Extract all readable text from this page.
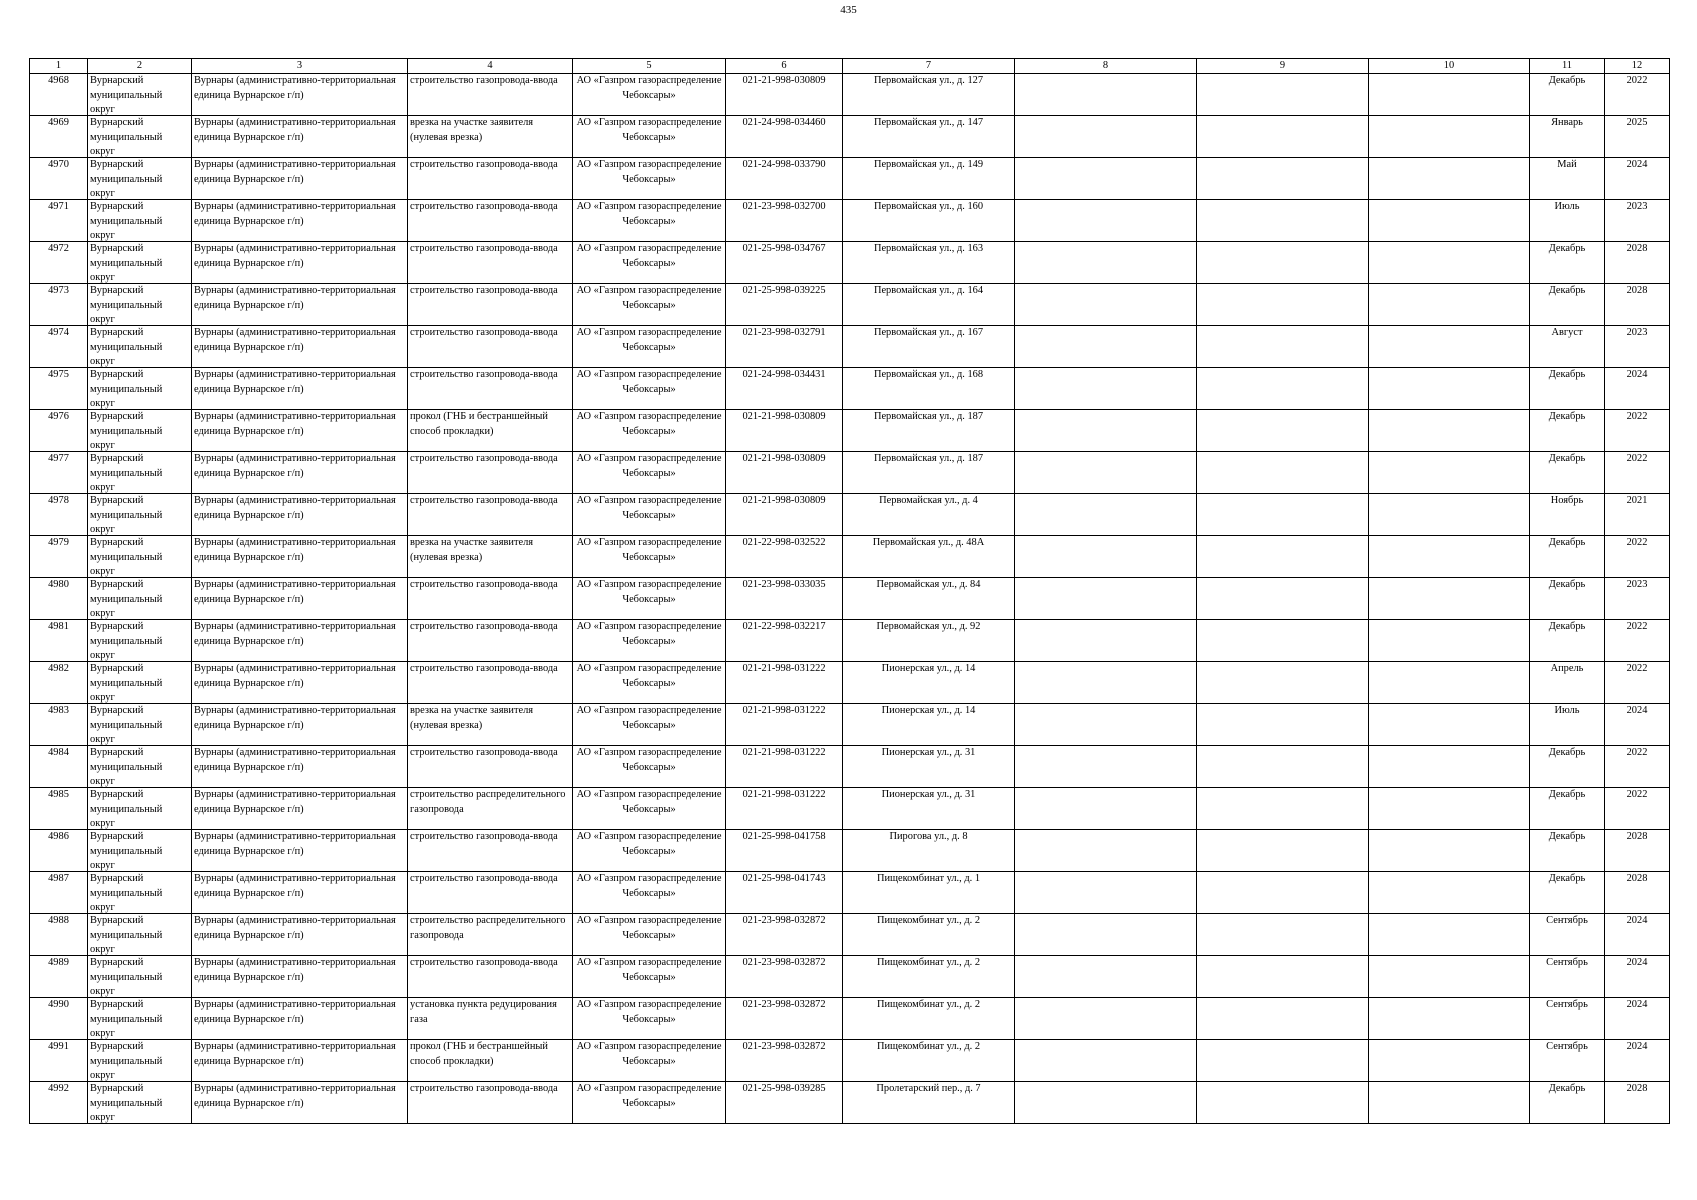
435
1	2	3	4	5	6	7	8	9	10	11	12

4968	Вурнарский муниципальный округ	Вурнары (административно-территориальная единица Вурнарское г/п)	строительство газопровода-ввода	АО «Газпром газораспределение Чебоксары»	021-21-998-030809	Первомайская ул., д. 127				Декабрь	2022

4969	Вурнарский муниципальный округ	Вурнары (административно-территориальная единица Вурнарское г/п)	врезка на участке заявителя (нулевая врезка)	АО «Газпром газораспределение Чебоксары»	021-24-998-034460	Первомайская ул., д. 147				Январь	2025

4970	Вурнарский муниципальный округ	Вурнары (административно-территориальная единица Вурнарское г/п)	строительство газопровода-ввода	АО «Газпром газораспределение Чебоксары»	021-24-998-033790	Первомайская ул., д. 149				Май	2024

4971	Вурнарский муниципальный округ	Вурнары (административно-территориальная единица Вурнарское г/п)	строительство газопровода-ввода	АО «Газпром газораспределение Чебоксары»	021-23-998-032700	Первомайская ул., д. 160				Июль	2023

4972	Вурнарский муниципальный округ	Вурнары (административно-территориальная единица Вурнарское г/п)	строительство газопровода-ввода	АО «Газпром газораспределение Чебоксары»	021-25-998-034767	Первомайская ул., д. 163				Декабрь	2028

4973	Вурнарский муниципальный округ	Вурнары (административно-территориальная единица Вурнарское г/п)	строительство газопровода-ввода	АО «Газпром газораспределение Чебоксары»	021-25-998-039225	Первомайская ул., д. 164				Декабрь	2028

4974	Вурнарский муниципальный округ	Вурнары (административно-территориальная единица Вурнарское г/п)	строительство газопровода-ввода	АО «Газпром газораспределение Чебоксары»	021-23-998-032791	Первомайская ул., д. 167				Август	2023

4975	Вурнарский муниципальный округ	Вурнары (административно-территориальная единица Вурнарское г/п)	строительство газопровода-ввода	АО «Газпром газораспределение Чебоксары»	021-24-998-034431	Первомайская ул., д. 168				Декабрь	2024

4976	Вурнарский муниципальный округ	Вурнары (административно-территориальная единица Вурнарское г/п)	прокол (ГНБ и бестраншейный способ прокладки)	АО «Газпром газораспределение Чебоксары»	021-21-998-030809	Первомайская ул., д. 187				Декабрь	2022

4977	Вурнарский муниципальный округ	Вурнары (административно-территориальная единица Вурнарское г/п)	строительство газопровода-ввода	АО «Газпром газораспределение Чебоксары»	021-21-998-030809	Первомайская ул., д. 187				Декабрь	2022

4978	Вурнарский муниципальный округ	Вурнары (административно-территориальная единица Вурнарское г/п)	строительство газопровода-ввода	АО «Газпром газораспределение Чебоксары»	021-21-998-030809	Первомайская ул., д. 4				Ноябрь	2021

4979	Вурнарский муниципальный округ	Вурнары (административно-территориальная единица Вурнарское г/п)	врезка на участке заявителя (нулевая врезка)	АО «Газпром газораспределение Чебоксары»	021-22-998-032522	Первомайская ул., д. 48А				Декабрь	2022

4980	Вурнарский муниципальный округ	Вурнары (административно-территориальная единица Вурнарское г/п)	строительство газопровода-ввода	АО «Газпром газораспределение Чебоксары»	021-23-998-033035	Первомайская ул., д. 84				Декабрь	2023

4981	Вурнарский муниципальный округ	Вурнары (административно-территориальная единица Вурнарское г/п)	строительство газопровода-ввода	АО «Газпром газораспределение Чебоксары»	021-22-998-032217	Первомайская ул., д. 92				Декабрь	2022

4982	Вурнарский муниципальный округ	Вурнары (административно-территориальная единица Вурнарское г/п)	строительство газопровода-ввода	АО «Газпром газораспределение Чебоксары»	021-21-998-031222	Пионерская ул., д. 14				Апрель	2022

4983	Вурнарский муниципальный округ	Вурнары (административно-территориальная единица Вурнарское г/п)	врезка на участке заявителя (нулевая врезка)	АО «Газпром газораспределение Чебоксары»	021-21-998-031222	Пионерская ул., д. 14				Июль	2024

4984	Вурнарский муниципальный округ	Вурнары (административно-территориальная единица Вурнарское г/п)	строительство газопровода-ввода	АО «Газпром газораспределение Чебоксары»	021-21-998-031222	Пионерская ул., д. 31				Декабрь	2022

4985	Вурнарский муниципальный округ	Вурнары (административно-территориальная единица Вурнарское г/п)	строительство распределительного газопровода	АО «Газпром газораспределение Чебоксары»	021-21-998-031222	Пионерская ул., д. 31				Декабрь	2022

4986	Вурнарский муниципальный округ	Вурнары (административно-территориальная единица Вурнарское г/п)	строительство газопровода-ввода	АО «Газпром газораспределение Чебоксары»	021-25-998-041758	Пирогова ул., д. 8				Декабрь	2028

4987	Вурнарский муниципальный округ	Вурнары (административно-территориальная единица Вурнарское г/п)	строительство газопровода-ввода	АО «Газпром газораспределение Чебоксары»	021-25-998-041743	Пищекомбинат ул., д. 1				Декабрь	2028

4988	Вурнарский муниципальный округ	Вурнары (административно-территориальная единица Вурнарское г/п)	строительство распределительного газопровода	АО «Газпром газораспределение Чебоксары»	021-23-998-032872	Пищекомбинат ул., д. 2				Сентябрь	2024

4989	Вурнарский муниципальный округ	Вурнары (административно-территориальная единица Вурнарское г/п)	строительство газопровода-ввода	АО «Газпром газораспределение Чебоксары»	021-23-998-032872	Пищекомбинат ул., д. 2				Сентябрь	2024

4990	Вурнарский муниципальный округ	Вурнары (административно-территориальная единица Вурнарское г/п)	установка пункта редуцирования газа	АО «Газпром газораспределение Чебоксары»	021-23-998-032872	Пищекомбинат ул., д. 2				Сентябрь	2024

4991	Вурнарский муниципальный округ	Вурнары (административно-территориальная единица Вурнарское г/п)	прокол (ГНБ и бестраншейный способ прокладки)	АО «Газпром газораспределение Чебоксары»	021-23-998-032872	Пищекомбинат ул., д. 2				Сентябрь	2024

4992	Вурнарский муниципальный округ	Вурнары (административно-территориальная единица Вурнарское г/п)	строительство газопровода-ввода	АО «Газпром газораспределение Чебоксары»	021-25-998-039285	Пролетарский пер., д. 7				Декабрь	2028
